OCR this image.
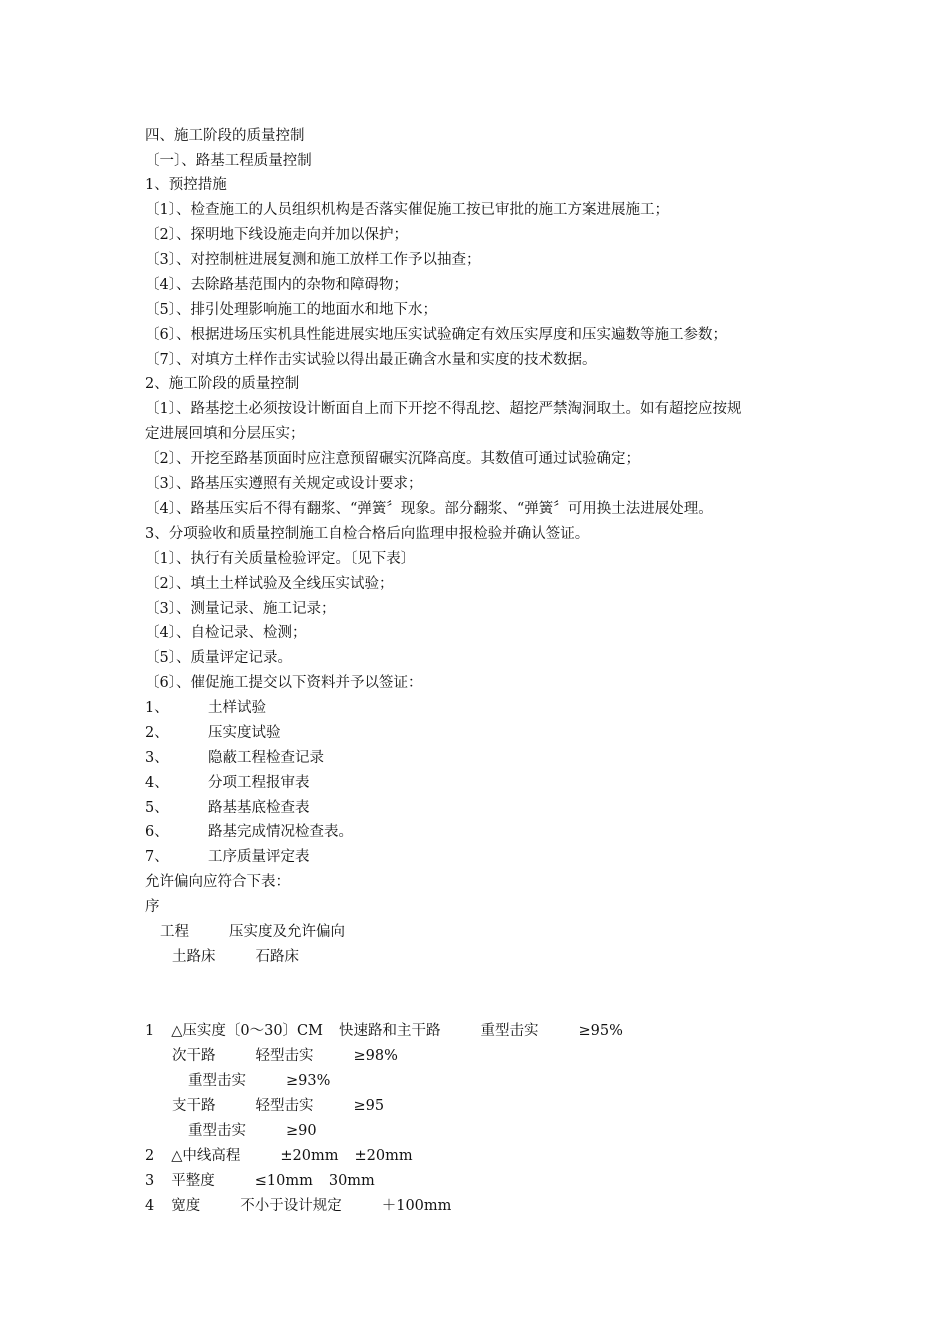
四、施工阶段的质量控制
〔一〕、路基工程质量控制
1、预控措施
〔1〕、检查施工的人员组织机构是否落实催促施工按已审批的施工方案进展施工；
〔2〕、探明地下线设施走向并加以保护；
〔3〕、对控制桩进展复测和施工放样工作予以抽查；
〔4〕、去除路基范围内的杂物和障碍物；
〔5〕、排引处理影响施工的地面水和地下水；
〔6〕、根据进场压实机具性能进展实地压实试验确定有效压实厚度和压实遍数等施工参数；
〔7〕、对填方土样作击实试验以得出最正确含水量和实度的技术数据。
2、施工阶段的质量控制
〔1〕、路基挖土必须按设计断面自上而下开挖不得乱挖、超挖严禁淘洞取土。如有超挖应按规
定进展回填和分层压实；
〔2〕、开挖至路基顶面时应注意预留碾实沉降高度。其数值可通过试验确定；
〔3〕、路基压实遵照有关规定或设计要求；
〔4〕、路基压实后不得有翻浆、“弹簧〞现象。部分翻浆、“弹簧〞可用换土法进展处理。
3、分项验收和质量控制施工自检合格后向监理申报检验并确认签证。
〔1〕、执行有关质量检验评定。〔见下表〕
〔2〕、填土土样试验及全线压实试验；
〔3〕、测量记录、施工记录；
〔4〕、自检记录、检测；
〔5〕、质量评定记录。
〔6〕、催促施工提交以下资料并予以签证：
1、	土样试验
2、	压实度试验
3、	隐蔽工程检查记录
4、	分项工程报审表
5、	路基基底检查表
6、	路基完成情况检查表。
7、	工序质量评定表
允许偏向应符合下表：
序
工程	压实度及允许偏向
土路床	石路床
1 △压实度〔0～30〕CM 快速路和主干路	重型击实	≥95%
次干路	轻型击实	≥98%
重型击实	≥93%
支干路	轻型击实	≥95
重型击实	≥90
2 △中线高程	±20mm ±20mm
3 平整度	≤10mm 30mm
4 宽度	不小于设计规定	＋100mm
